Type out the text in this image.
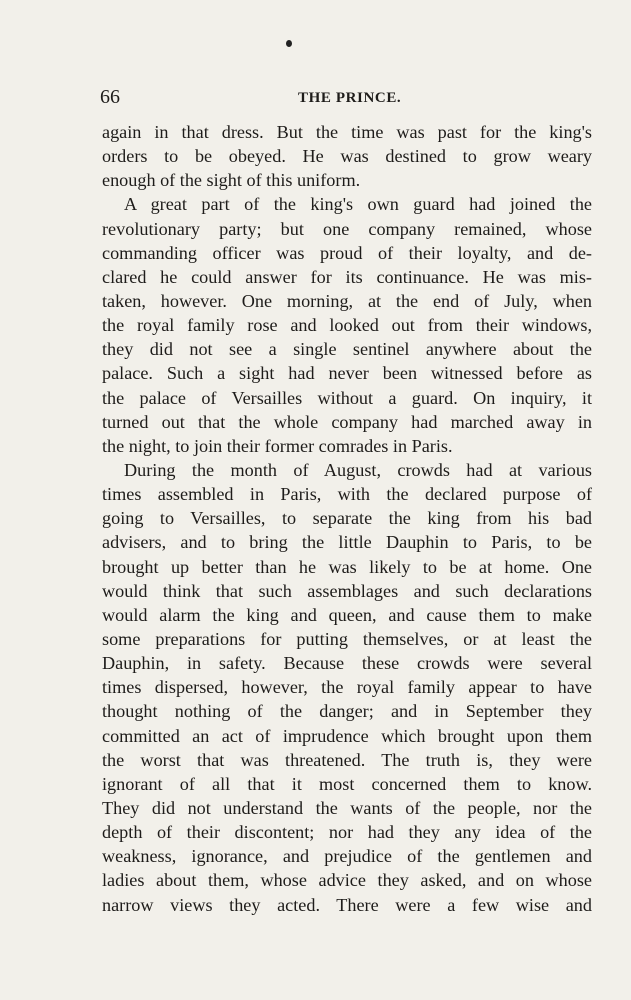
66	THE PRINCE.
again in that dress. But the time was past for the king's
orders to be obeyed. He was destined to grow weary
enough of the sight of this uniform.
A great part of the king's own guard had joined the
revolutionary party; but one company remained, whose
commanding officer was proud of their loyalty, and de-
clared he could answer for its continuance. He was mis-
taken, however. One morning, at the end of July, when
the royal family rose and looked out from their windows,
they did not see a single sentinel anywhere about the
palace. Such a sight had never been witnessed before as
the palace of Versailles without a guard. On inquiry, it
turned out that the whole company had marched away in
the night, to join their former comrades in Paris.
During the month of August, crowds had at various
times assembled in Paris, with the declared purpose of
going to Versailles, to separate the king from his bad
advisers, and to bring the little Dauphin to Paris, to be
brought up better than he was likely to be at home. One
would think that such assemblages and such declarations
would alarm the king and queen, and cause them to make
some preparations for putting themselves, or at least the
Dauphin, in safety. Because these crowds were several
times dispersed, however, the royal family appear to have
thought nothing of the danger; and in September they
committed an act of imprudence which brought upon them
the worst that was threatened. The truth is, they were
ignorant of all that it most concerned them to know.
They did not understand the wants of the people, nor the
depth of their discontent; nor had they any idea of the
weakness, ignorance, and prejudice of the gentlemen and
ladies about them, whose advice they asked, and on whose
narrow views they acted. There were a few wise and
